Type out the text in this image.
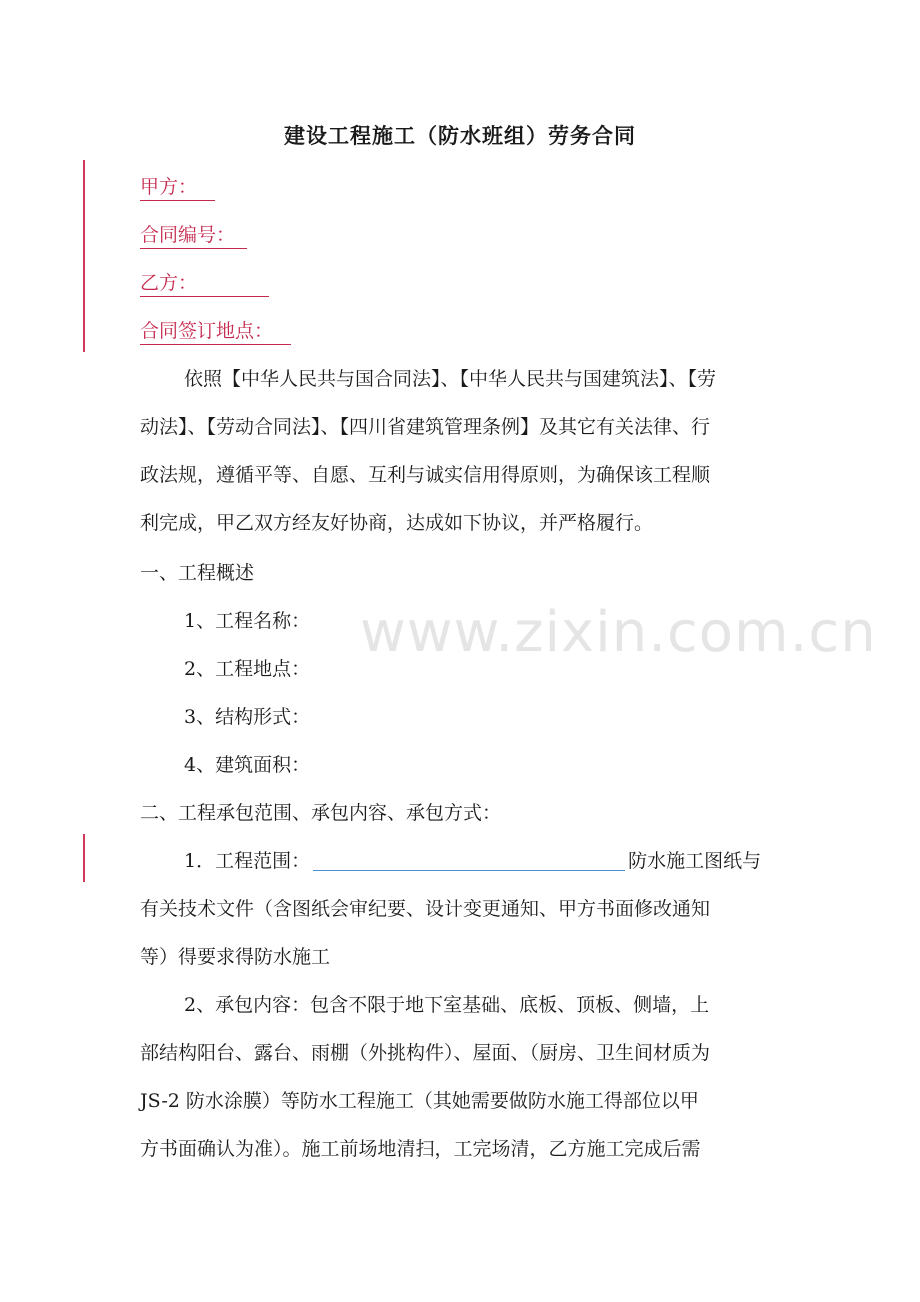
建设工程施工（防水班组）劳务合同
甲方：
合同编号：
乙方：
合同签订地点：
依照【中华人民共与国合同法】、【中华人民共与国建筑法】、【劳
动法】、【劳动合同法】、【四川省建筑管理条例】及其它有关法律、行
政法规，遵循平等、自愿、互利与诚实信用得原则，为确保该工程顺
利完成，甲乙双方经友好协商，达成如下协议，并严格履行。
一、工程概述
1、工程名称：
2、工程地点：
3、结构形式：
4、建筑面积：
二、工程承包范围、承包内容、承包方式：
1．工程范围：	防水施工图纸与
有关技术文件（含图纸会审纪要、设计变更通知、甲方书面修改通知
等）得要求得防水施工
2、承包内容：包含不限于地下室基础、底板、顶板、侧墙，上
部结构阳台、露台、雨棚（外挑构件）、屋面、（厨房、卫生间材质为
JS-2 防水涂膜）等防水工程施工（其她需要做防水施工得部位以甲
方书面确认为准）。施工前场地清扫，工完场清，乙方施工完成后需
www.zixin.com.cn
